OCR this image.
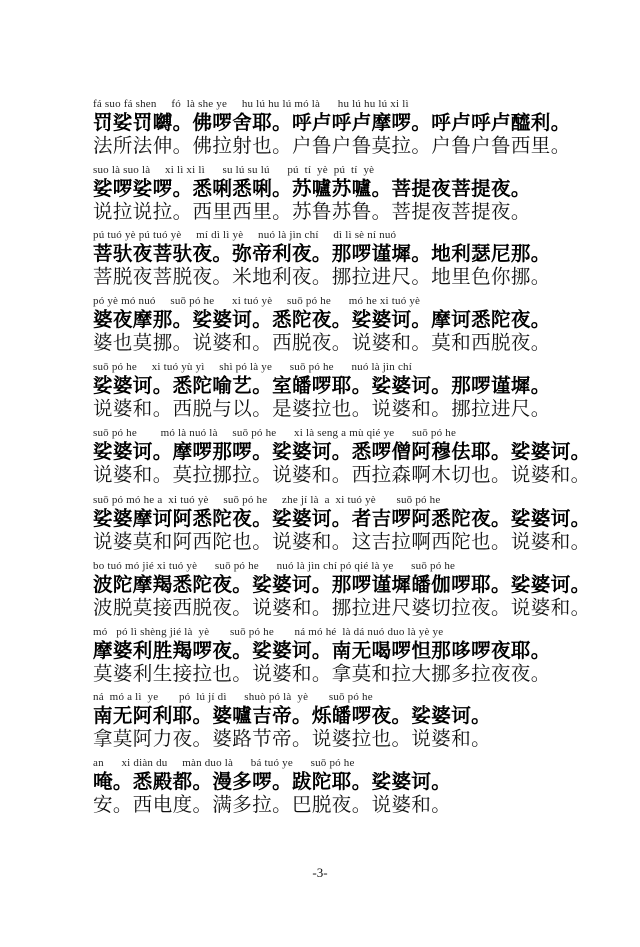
fá suo fá shen     fó  là she ye     hu lú hu lú mó là      hu lú hu lú xi lì
罚娑罚嚩。佛啰舍耶。呼卢呼卢摩啰。呼卢呼卢醯利。
法所法伸。佛拉射也。户鲁户鲁莫拉。户鲁户鲁西里。
suo là suo là     xi lì xi lì      su lú su lú      pú  tí  yè  pú  tí  yè
娑啰娑啰。悉唎悉唎。苏嚧苏嚧。菩提夜菩提夜。
说拉说拉。西里西里。苏鲁苏鲁。菩提夜菩提夜。
pú tuó yè pú tuó yè     mí dì lì yè     nuó là jìn chí     dì lì sè ní nuó
菩驮夜菩驮夜。弥帝利夜。那啰谨墀。地利瑟尼那。
菩脱夜菩脱夜。米地利夜。挪拉进尺。地里色你挪。
pó yè mó nuó     suō pó he      xi tuó yè     suō pó he      mó he xi tuó yè
婆夜摩那。娑婆诃。悉陀夜。娑婆诃。摩诃悉陀夜。
婆也莫挪。说婆和。西脱夜。说婆和。莫和西脱夜。
suō pó he     xi tuó yù yì     shì pó là ye      suō pó he      nuó là jìn chí
娑婆诃。悉陀喻艺。室皤啰耶。娑婆诃。那啰谨墀。
说婆和。西脱与以。是婆拉也。说婆和。挪拉进尺。
suō pó he        mó là nuó là     suō pó he      xi là seng a mù qié ye      suō pó he
娑婆诃。摩啰那啰。娑婆诃。悉啰僧阿穆佉耶。娑婆诃。
说婆和。莫拉挪拉。说婆和。西拉森啊木切也。说婆和。
suō pó mó he a  xi tuó yè     suō pó he     zhe jí là  a  xi tuó yè       suō pó he
娑婆摩诃阿悉陀夜。娑婆诃。者吉啰阿悉陀夜。娑婆诃。
说婆莫和阿西陀也。说婆和。这吉拉啊西陀也。说婆和。
bo tuó mó jié xi tuó yè      suō pó he      nuó là jìn chí pó qié là ye      suō pó he
波陀摩羯悉陀夜。娑婆诃。那啰谨墀皤伽啰耶。娑婆诃。
波脱莫接西脱夜。说婆和。挪拉进尺婆切拉夜。说婆和。
mó   pó lì shèng jié là  yè       suō pó he       ná mó hé  là dá nuó duo là yè ye
摩婆利胜羯啰夜。娑婆诃。南无喝啰怛那哆啰夜耶。
莫婆利生接拉也。说婆和。拿莫和拉大挪多拉夜夜。
ná  mó a lì  ye       pó  lú jí dì      shuò pó là  yè       suō pó he
南无阿利耶。婆嚧吉帝。烁皤啰夜。娑婆诃。
拿莫阿力夜。婆路节帝。说婆拉也。说婆和。
an      xi diàn du     màn duo là      bá tuó ye      suō pó he
唵。悉殿都。漫多啰。跋陀耶。娑婆诃。
安。西电度。满多拉。巴脱夜。说婆和。
-3-
